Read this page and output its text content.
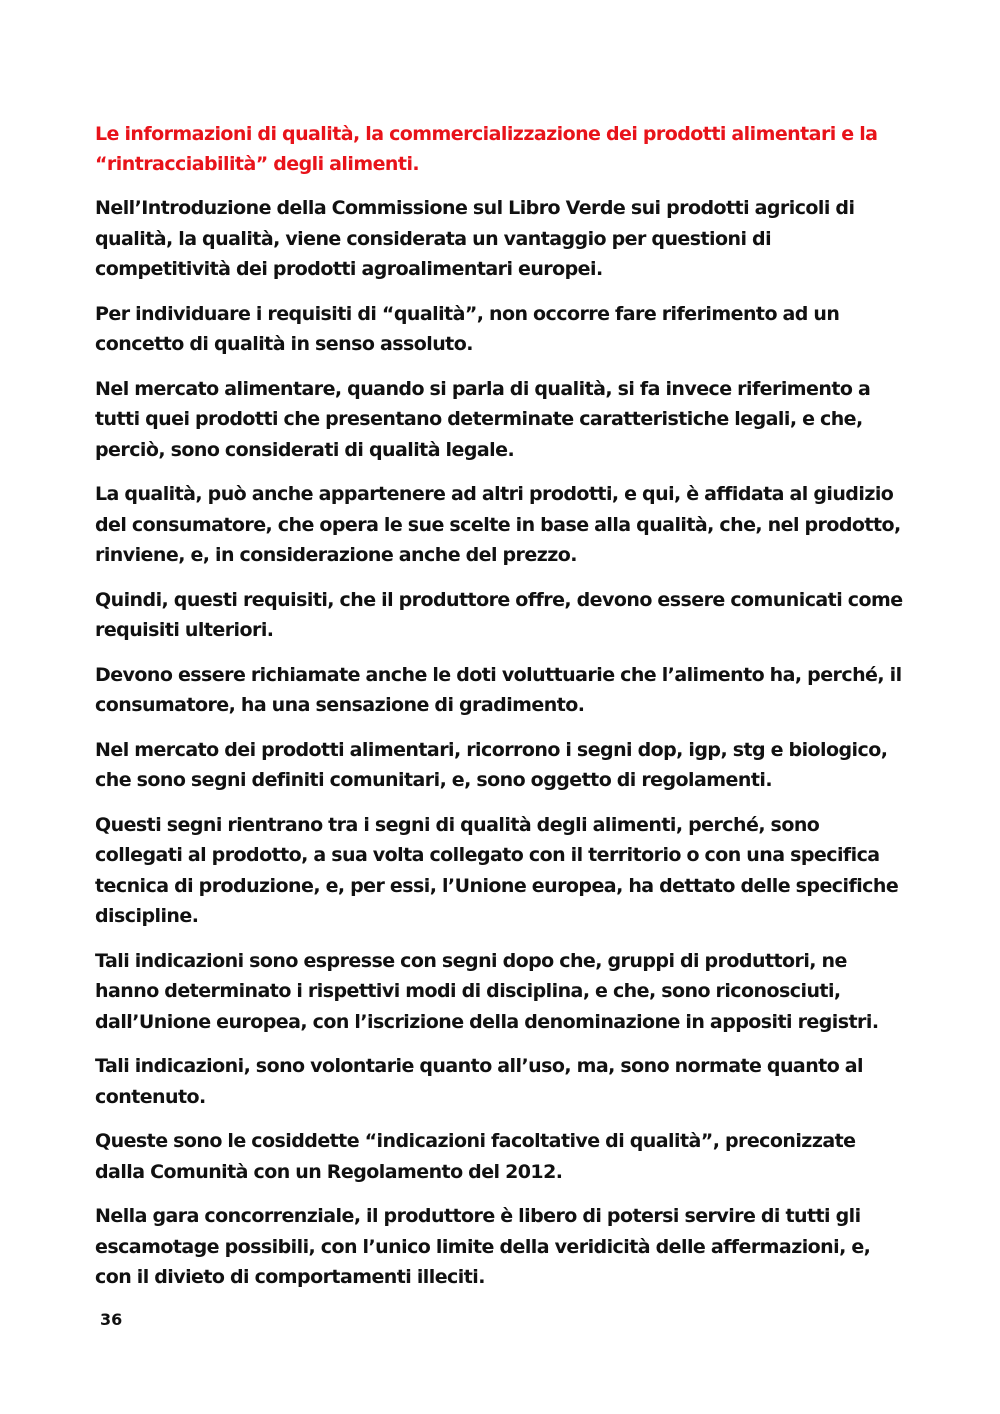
Le informazioni di qualità, la commercializzazione dei prodotti alimentari e la “rintracciabilità” degli alimenti.

Nell’Introduzione della Commissione sul Libro Verde sui prodotti agricoli di qualità, la qualità, viene considerata un vantaggio per questioni di competitività dei prodotti agroalimentari europei.

Per individuare i requisiti di “qualità”, non occorre fare riferimento ad un concetto di qualità in senso assoluto.

Nel mercato alimentare, quando si parla di qualità, si fa invece riferimento a tutti quei prodotti che presentano determinate caratteristiche legali, e che, perciò, sono considerati di qualità legale.

La qualità, può anche appartenere ad altri prodotti, e qui, è affidata al giudizio del consumatore, che opera le sue scelte in base alla qualità, che, nel prodotto, rinviene, e, in considerazione anche del prezzo.

Quindi, questi requisiti, che il produttore offre, devono essere comunicati come requisiti ulteriori.

Devono essere richiamate anche le doti voluttuarie che l’alimento ha, perché, il consumatore, ha una sensazione di gradimento.

Nel mercato dei prodotti alimentari, ricorrono i segni dop, igp, stg e biologico, che sono segni definiti comunitari, e, sono oggetto di regolamenti.

Questi segni rientrano tra i segni di qualità degli alimenti, perché, sono collegati al prodotto, a sua volta collegato con il territorio o con una specifica tecnica di produzione, e, per essi, l’Unione europea, ha dettato delle specifiche discipline.

Tali indicazioni sono espresse con segni dopo che, gruppi di produttori, ne hanno determinato i rispettivi modi di disciplina, e che, sono riconosciuti, dall’Unione europea, con l’iscrizione della denominazione in appositi registri.

Tali indicazioni, sono volontarie quanto all’uso, ma, sono normate quanto al contenuto.

Queste sono le cosiddette “indicazioni facoltative di qualità”, preconizzate dalla Comunità con un Regolamento del 2012.

Nella gara concorrenziale, il produttore è libero di potersi servire di tutti gli escamotage possibili, con l’unico limite della veridicità delle affermazioni, e, con il divieto di comportamenti illeciti.

36
